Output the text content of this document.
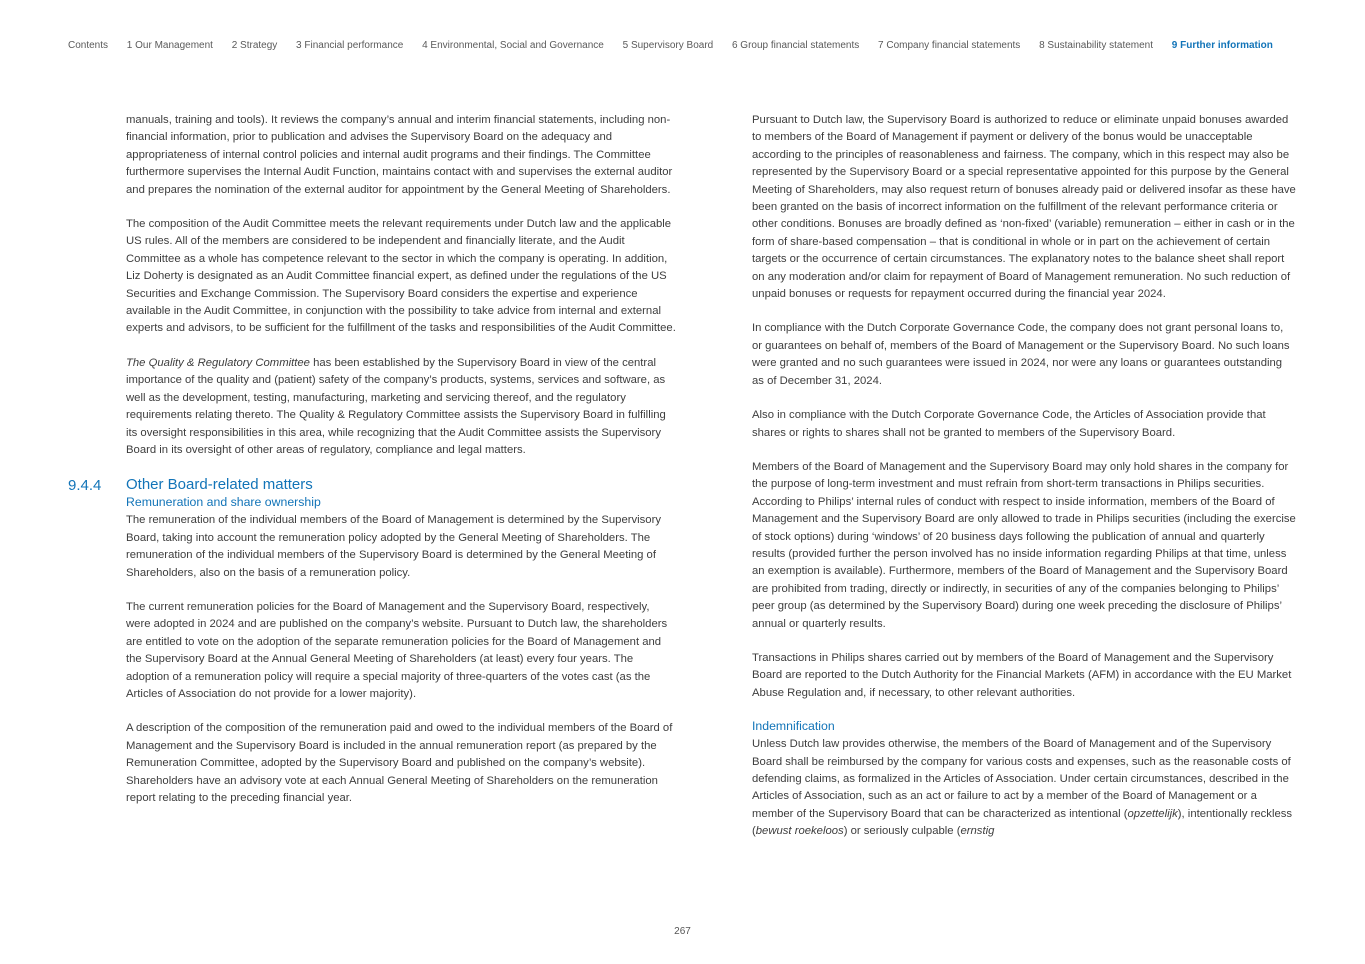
Contents 1 Our Management 2 Strategy 3 Financial performance 4 Environmental, Social and Governance 5 Supervisory Board 6 Group financial statements 7 Company financial statements 8 Sustainability statement 9 Further information

manuals, training and tools). It reviews the company’s annual and interim financial statements, including non-financial information, prior to publication and advises the Supervisory Board on the adequacy and appropriateness of internal control policies and internal audit programs and their findings. The Committee furthermore supervises the Internal Audit Function, maintains contact with and supervises the external auditor and prepares the nomination of the external auditor for appointment by the General Meeting of Shareholders.

The composition of the Audit Committee meets the relevant requirements under Dutch law and the applicable US rules. All of the members are considered to be independent and financially literate, and the Audit Committee as a whole has competence relevant to the sector in which the company is operating. In addition, Liz Doherty is designated as an Audit Committee financial expert, as defined under the regulations of the US Securities and Exchange Commission. The Supervisory Board considers the expertise and experience available in the Audit Committee, in conjunction with the possibility to take advice from internal and external experts and advisors, to be sufficient for the fulfillment of the tasks and responsibilities of the Audit Committee.

The Quality & Regulatory Committee has been established by the Supervisory Board in view of the central importance of the quality and (patient) safety of the company’s products, systems, services and software, as well as the development, testing, manufacturing, marketing and servicing thereof, and the regulatory requirements relating thereto. The Quality & Regulatory Committee assists the Supervisory Board in fulfilling its oversight responsibilities in this area, while recognizing that the Audit Committee assists the Supervisory Board in its oversight of other areas of regulatory, compliance and legal matters.

9.4.4 Other Board-related matters
Remuneration and share ownership

The remuneration of the individual members of the Board of Management is determined by the Supervisory Board, taking into account the remuneration policy adopted by the General Meeting of Shareholders. The remuneration of the individual members of the Supervisory Board is determined by the General Meeting of Shareholders, also on the basis of a remuneration policy.

The current remuneration policies for the Board of Management and the Supervisory Board, respectively, were adopted in 2024 and are published on the company’s website. Pursuant to Dutch law, the shareholders are entitled to vote on the adoption of the separate remuneration policies for the Board of Management and the Supervisory Board at the Annual General Meeting of Shareholders (at least) every four years. The adoption of a remuneration policy will require a special majority of three-quarters of the votes cast (as the Articles of Association do not provide for a lower majority).

A description of the composition of the remuneration paid and owed to the individual members of the Board of Management and the Supervisory Board is included in the annual remuneration report (as prepared by the Remuneration Committee, adopted by the Supervisory Board and published on the company’s website). Shareholders have an advisory vote at each Annual General Meeting of Shareholders on the remuneration report relating to the preceding financial year.

Pursuant to Dutch law, the Supervisory Board is authorized to reduce or eliminate unpaid bonuses awarded to members of the Board of Management if payment or delivery of the bonus would be unacceptable according to the principles of reasonableness and fairness. The company, which in this respect may also be represented by the Supervisory Board or a special representative appointed for this purpose by the General Meeting of Shareholders, may also request return of bonuses already paid or delivered insofar as these have been granted on the basis of incorrect information on the fulfillment of the relevant performance criteria or other conditions. Bonuses are broadly defined as ‘non-fixed’ (variable) remuneration – either in cash or in the form of share-based compensation – that is conditional in whole or in part on the achievement of certain targets or the occurrence of certain circumstances. The explanatory notes to the balance sheet shall report on any moderation and/or claim for repayment of Board of Management remuneration. No such reduction of unpaid bonuses or requests for repayment occurred during the financial year 2024.

In compliance with the Dutch Corporate Governance Code, the company does not grant personal loans to, or guarantees on behalf of, members of the Board of Management or the Supervisory Board. No such loans were granted and no such guarantees were issued in 2024, nor were any loans or guarantees outstanding as of December 31, 2024.

Also in compliance with the Dutch Corporate Governance Code, the Articles of Association provide that shares or rights to shares shall not be granted to members of the Supervisory Board.

Members of the Board of Management and the Supervisory Board may only hold shares in the company for the purpose of long-term investment and must refrain from short-term transactions in Philips securities. According to Philips’ internal rules of conduct with respect to inside information, members of the Board of Management and the Supervisory Board are only allowed to trade in Philips securities (including the exercise of stock options) during ‘windows’ of 20 business days following the publication of annual and quarterly results (provided further the person involved has no inside information regarding Philips at that time, unless an exemption is available). Furthermore, members of the Board of Management and the Supervisory Board are prohibited from trading, directly or indirectly, in securities of any of the companies belonging to Philips’ peer group (as determined by the Supervisory Board) during one week preceding the disclosure of Philips’ annual or quarterly results.

Transactions in Philips shares carried out by members of the Board of Management and the Supervisory Board are reported to the Dutch Authority for the Financial Markets (AFM) in accordance with the EU Market Abuse Regulation and, if necessary, to other relevant authorities.

Indemnification

Unless Dutch law provides otherwise, the members of the Board of Management and of the Supervisory Board shall be reimbursed by the company for various costs and expenses, such as the reasonable costs of defending claims, as formalized in the Articles of Association. Under certain circumstances, described in the Articles of Association, such as an act or failure to act by a member of the Board of Management or a member of the Supervisory Board that can be characterized as intentional (opzettelijk), intentionally reckless (bewust roekeloos) or seriously culpable (ernstig

267
